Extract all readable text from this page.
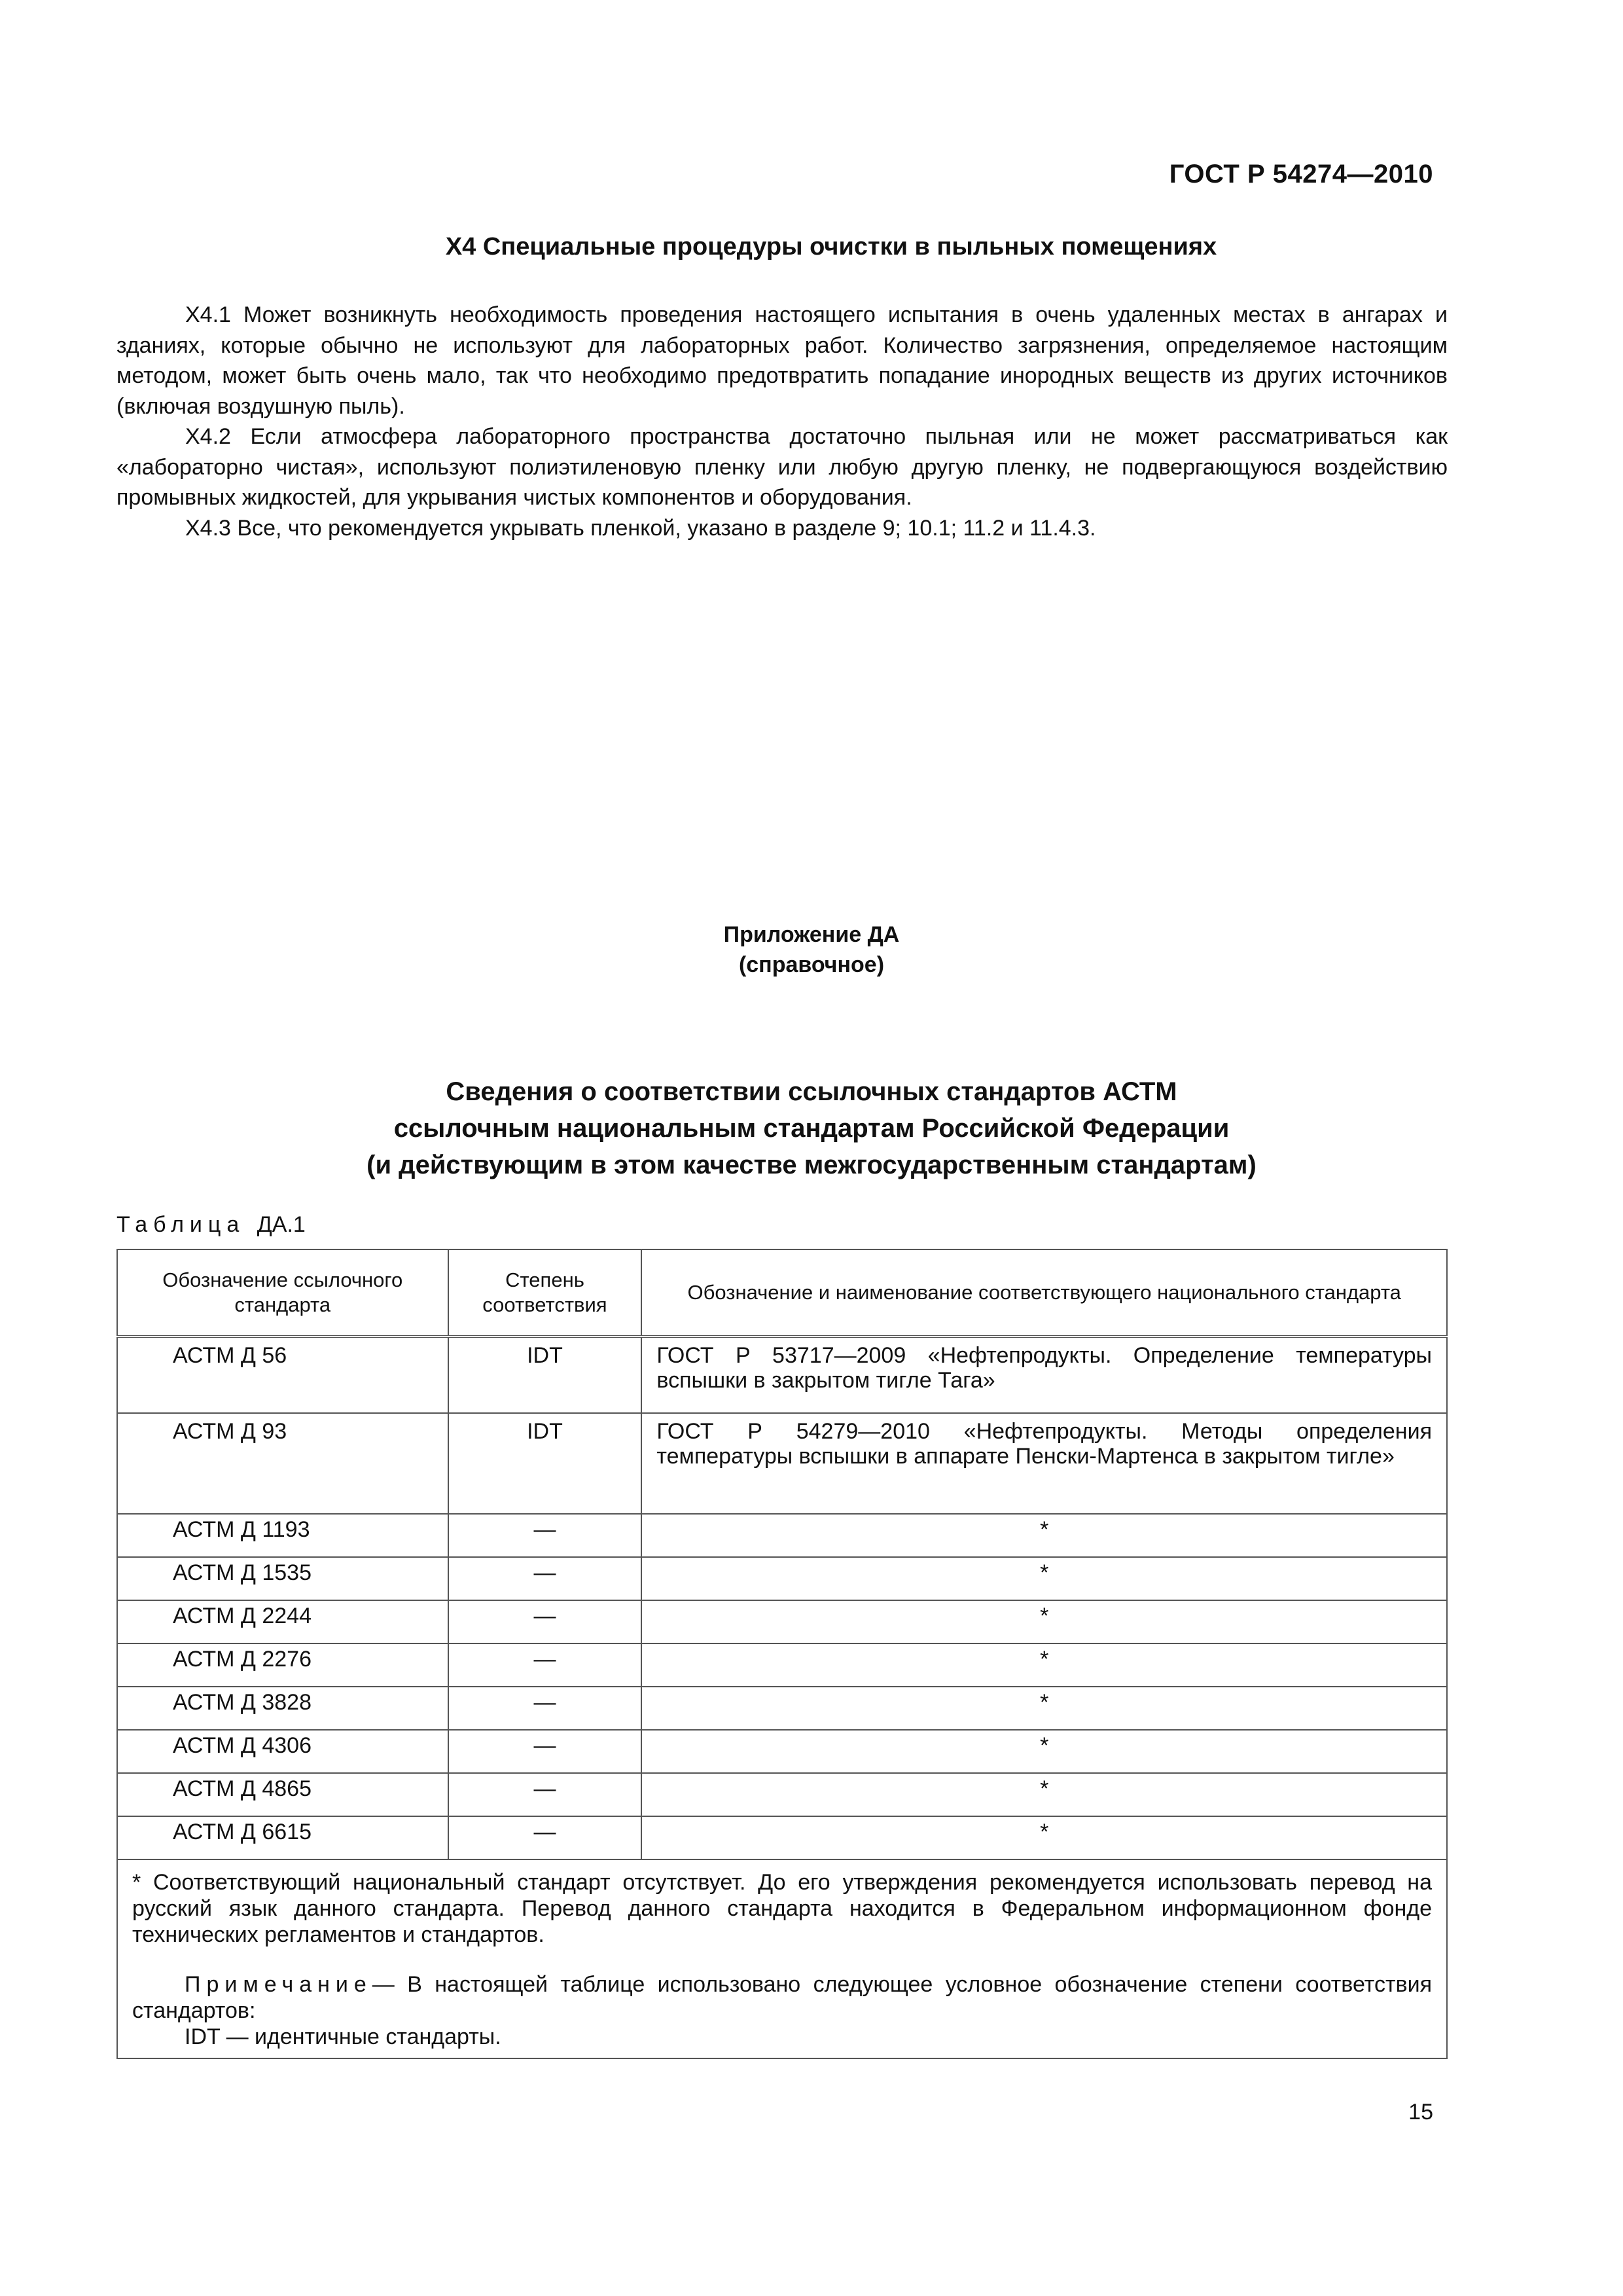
ГОСТ Р 54274—2010
Х4 Специальные процедуры очистки в пыльных помещениях

Х4.1 Может возникнуть необходимость проведения настоящего испытания в очень удаленных местах в ангарах и зданиях, которые обычно не используют для лабораторных работ. Количество загрязнения, определяемое настоящим методом, может быть очень мало, так что необходимо предотвратить попадание инородных веществ из других источников (включая воздушную пыль).

Х4.2 Если атмосфера лабораторного пространства достаточно пыльная или не может рассматриваться как «лабораторно чистая», используют полиэтиленовую пленку или любую другую пленку, не подвергающуюся воздействию промывных жидкостей, для укрывания чистых компонентов и оборудования.

Х4.3 Все, что рекомендуется укрывать пленкой, указано в разделе 9; 10.1; 11.2 и 11.4.3.

Приложение ДА
(справочное)
Сведения о соответствии ссылочных стандартов АСТМ
ссылочным национальным стандартам Российской Федерации
(и действующим в этом качестве межгосударственным стандартам)
Таблица ДА.1
Обозначение ссылочного стандарта	Степень соответствия	Обозначение и наименование соответствующего национального стандарта
АСТМ Д 56	IDT	ГОСТ Р 53717—2009 «Нефтепродукты. Определение температуры вспышки в закрытом тигле Тага»
АСТМ Д 93	IDT	ГОСТ Р 54279—2010 «Нефтепродукты. Методы определения температуры вспышки в аппарате Пенски-Мартенса в закрытом тигле»
АСТМ Д 1193	—	*
АСТМ Д 1535	—	*
АСТМ Д 2244	—	*
АСТМ Д 2276	—	*
АСТМ Д 3828	—	*
АСТМ Д 4306	—	*
АСТМ Д 4865	—	*
АСТМ Д 6615	—	*

* Соответствующий национальный стандарт отсутствует. До его утверждения рекомендуется использовать перевод на русский язык данного стандарта. Перевод данного стандарта находится в Федеральном информационном фонде технических регламентов и стандартов.

Примечание— В настоящей таблице использовано следующее условное обозначение степени соответствия стандартов:

IDT — идентичные стандарты.		

15
